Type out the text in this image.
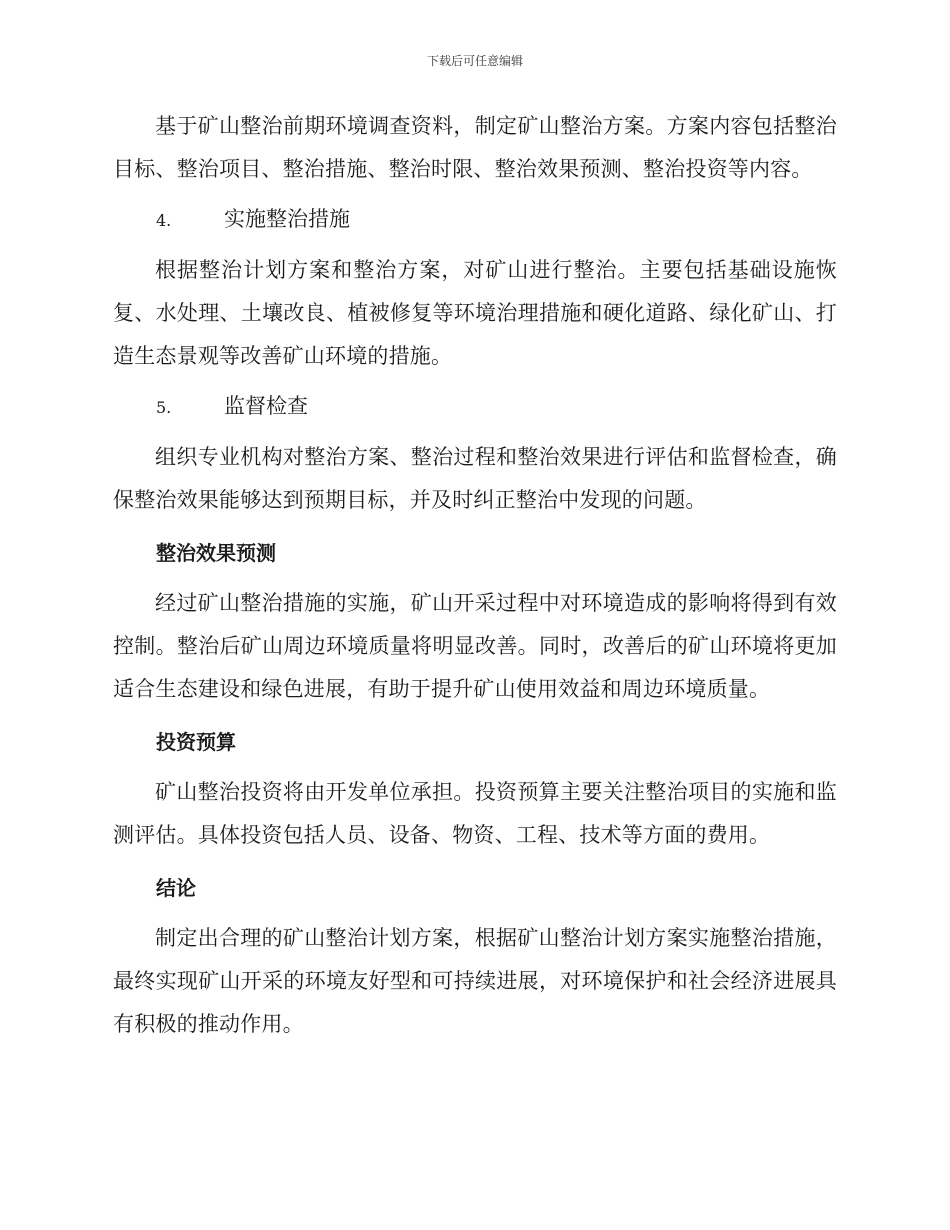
下载后可任意编辑

基于矿山整治前期环境调查资料，制定矿山整治方案。方案内容包括整治目标、整治项目、整治措施、整治时限、整治效果预测、整治投资等内容。

4.	实施整治措施

根据整治计划方案和整治方案，对矿山进行整治。主要包括基础设施恢复、水处理、土壤改良、植被修复等环境治理措施和硬化道路、绿化矿山、打造生态景观等改善矿山环境的措施。

5.	监督检查

组织专业机构对整治方案、整治过程和整治效果进行评估和监督检查，确保整治效果能够达到预期目标，并及时纠正整治中发现的问题。

整治效果预测

经过矿山整治措施的实施，矿山开采过程中对环境造成的影响将得到有效控制。整治后矿山周边环境质量将明显改善。同时，改善后的矿山环境将更加适合生态建设和绿色进展，有助于提升矿山使用效益和周边环境质量。

投资预算

矿山整治投资将由开发单位承担。投资预算主要关注整治项目的实施和监测评估。具体投资包括人员、设备、物资、工程、技术等方面的费用。

结论

制定出合理的矿山整治计划方案，根据矿山整治计划方案实施整治措施，最终实现矿山开采的环境友好型和可持续进展，对环境保护和社会经济进展具有积极的推动作用。
